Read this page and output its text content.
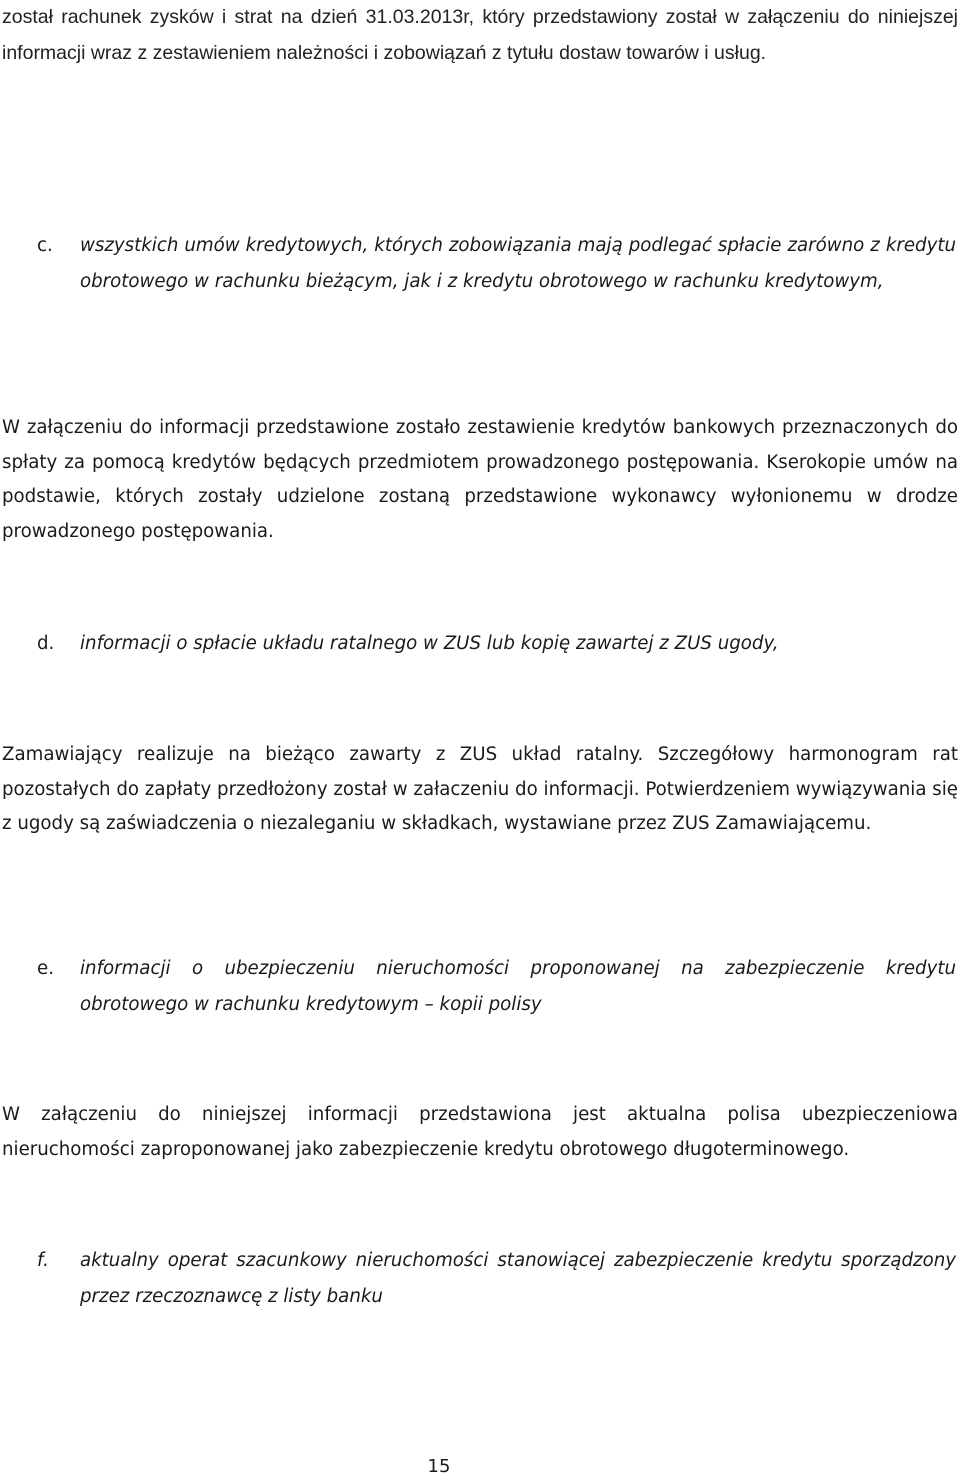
został rachunek zysków i strat na dzień 31.03.2013r, który przedstawiony został w załączeniu do niniejszej informacji wraz z zestawieniem należności i zobowiązań z tytułu dostaw towarów i usług.
c. wszystkich umów kredytowych, których zobowiązania mają podlegać spłacie zarówno z kredytu obrotowego w rachunku bieżącym, jak i z kredytu obrotowego w rachunku kredytowym,
W załączeniu do informacji przedstawione zostało zestawienie kredytów bankowych przeznaczonych do spłaty za pomocą kredytów będących przedmiotem prowadzonego postępowania. Kserokopie umów na podstawie, których zostały udzielone zostaną przedstawione wykonawcy wyłonionemu w drodze prowadzonego postępowania.
d. informacji o spłacie układu ratalnego w ZUS lub kopię zawartej z ZUS ugody,
Zamawiający realizuje na bieżąco zawarty z ZUS układ ratalny. Szczegółowy harmonogram rat pozostałych do zapłaty przedłożony został w załaczeniu do informacji. Potwierdzeniem wywiązywania się z ugody są zaświadczenia o niezaleganiu w składkach, wystawiane przez ZUS Zamawiającemu.
e. informacji o ubezpieczeniu nieruchomości proponowanej na zabezpieczenie kredytu obrotowego w rachunku kredytowym – kopii polisy
W załączeniu do niniejszej informacji przedstawiona jest aktualna polisa ubezpieczeniowa nieruchomości zaproponowanej jako zabezpieczenie kredytu obrotowego długoterminowego.
f. aktualny operat szacunkowy nieruchomości stanowiącej zabezpieczenie kredytu sporządzony przez rzeczoznawcę z listy banku
15
